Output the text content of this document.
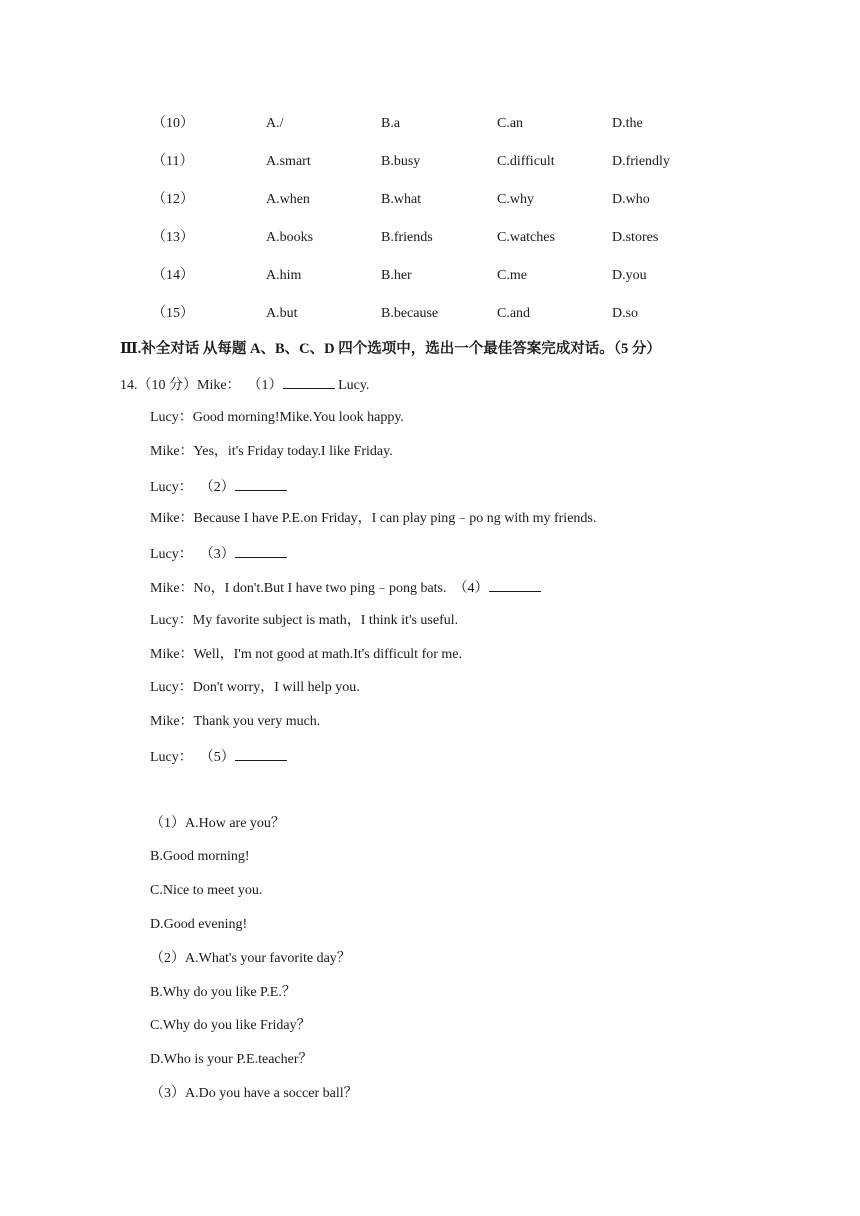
（10）	A./	B.a	C.an	D.the
（11）	A.smart	B.busy	C.difficult	D.friendly
（12）	A.when	B.what	C.why	D.who
（13）	A.books	B.friends	C.watches	D.stores
（14）	A.him	B.her	C.me	D.you
（15）	A.but	B.because	C.and	D.so
Ⅲ.补全对话 从每题 A、B、C、D 四个选项中，选出一个最佳答案完成对话。（5 分）
14.（10 分）Mike：  （1）	Lucy.
Lucy：Good morning!Mike.You look happy.
Mike：Yes，it's Friday today.I like Friday.
Lucy：  （2）
Mike：Because I have P.E.on Friday，I can play ping﹣po ng with my friends.
Lucy：  （3）
Mike：No，I don't.But I have two ping﹣pong bats.  （4）
Lucy：My favorite subject is math，I think it's useful.
Mike：Well，I'm not good at math.It's difficult for me.
Lucy：Don't worry，I will help you.
Mike：Thank you very much.
Lucy：  （5）
（1）A.How are you？
B.Good morning!
C.Nice to meet you.
D.Good evening!
（2）A.What's your favorite day？
B.Why do you like P.E.？
C.Why do you like Friday？
D.Who is your P.E.teacher？
（3）A.Do you have a soccer ball？
